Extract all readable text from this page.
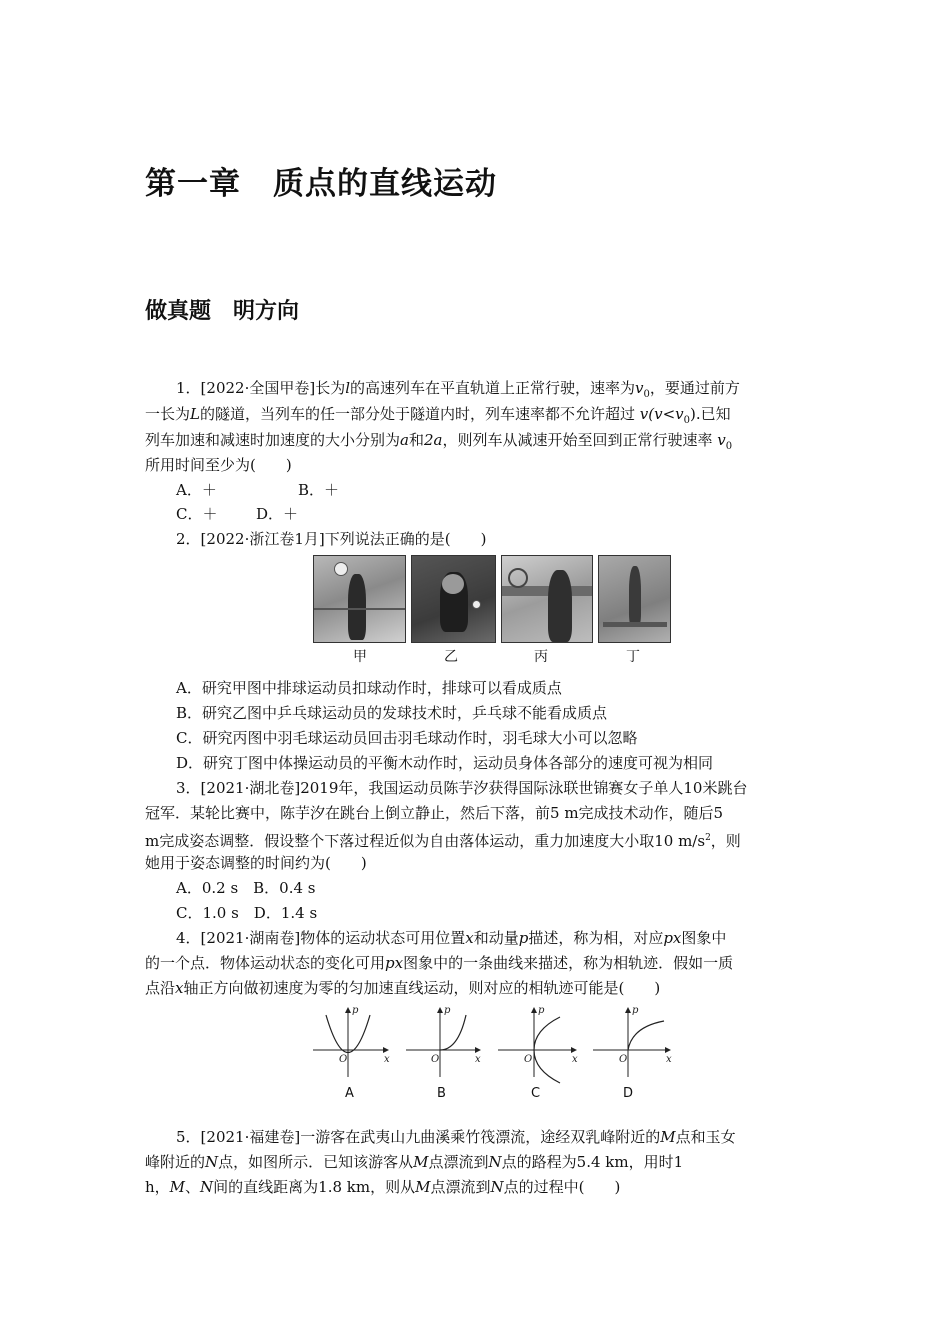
第一章　质点的直线运动
做真题　明方向
1．[2022·全国甲卷]长为l的高速列车在平直轨道上正常行驶，速率为$v_0$，要通过前方
一长为L的隧道，当列车的任一部分处于隧道内时，列车速率都不允许超过 $v(v<v_0)$.已知
列车加速和减速时加速度的大小分别为a和2a，则列车从减速开始至回到正常行驶速率 $v_0$
所用时间至少为(　　)
A．＋	B．＋
C．＋	D．＋
2．[2022·浙江卷1月]下列说法正确的是(　　)
甲	乙	丙	丁
A．研究甲图中排球运动员扣球动作时，排球可以看成质点
B．研究乙图中乒乓球运动员的发球技术时，乒乓球不能看成质点
C．研究丙图中羽毛球运动员回击羽毛球动作时，羽毛球大小可以忽略
D．研究丁图中体操运动员的平衡木动作时，运动员身体各部分的速度可视为相同
3．[2021·湖北卷]2019年，我国运动员陈芋汐获得国际泳联世锦赛女子单人10米跳台
冠军．某轮比赛中，陈芋汐在跳台上倒立静止，然后下落，前5 m完成技术动作，随后5
m完成姿态调整．假设整个下落过程近似为自由落体运动，重力加速度大小取10 $m/s^2$，则
她用于姿态调整的时间约为(　　)
A．0.2 s　B．0.4 s
C．1.0 s　D．1.4 s
4．[2021·湖南卷]物体的运动状态可用位置x和动量p描述，称为相，对应px图象中
的一个点．物体运动状态的变化可用px图象中的一条曲线来描述，称为相轨迹．假如一质
点沿x轴正方向做初速度为零的匀加速直线运动，则对应的相轨迹可能是(　　)
p
x
O
p
x
O
p
x
O
p
x
O
A	B	C	D
5．[2021·福建卷]一游客在武夷山九曲溪乘竹筏漂流，途经双乳峰附近的M点和玉女
峰附近的N点，如图所示．已知该游客从M点漂流到N点的路程为5.4 km，用时1
h，M、N间的直线距离为1.8 km，则从M点漂流到N点的过程中(　　)
